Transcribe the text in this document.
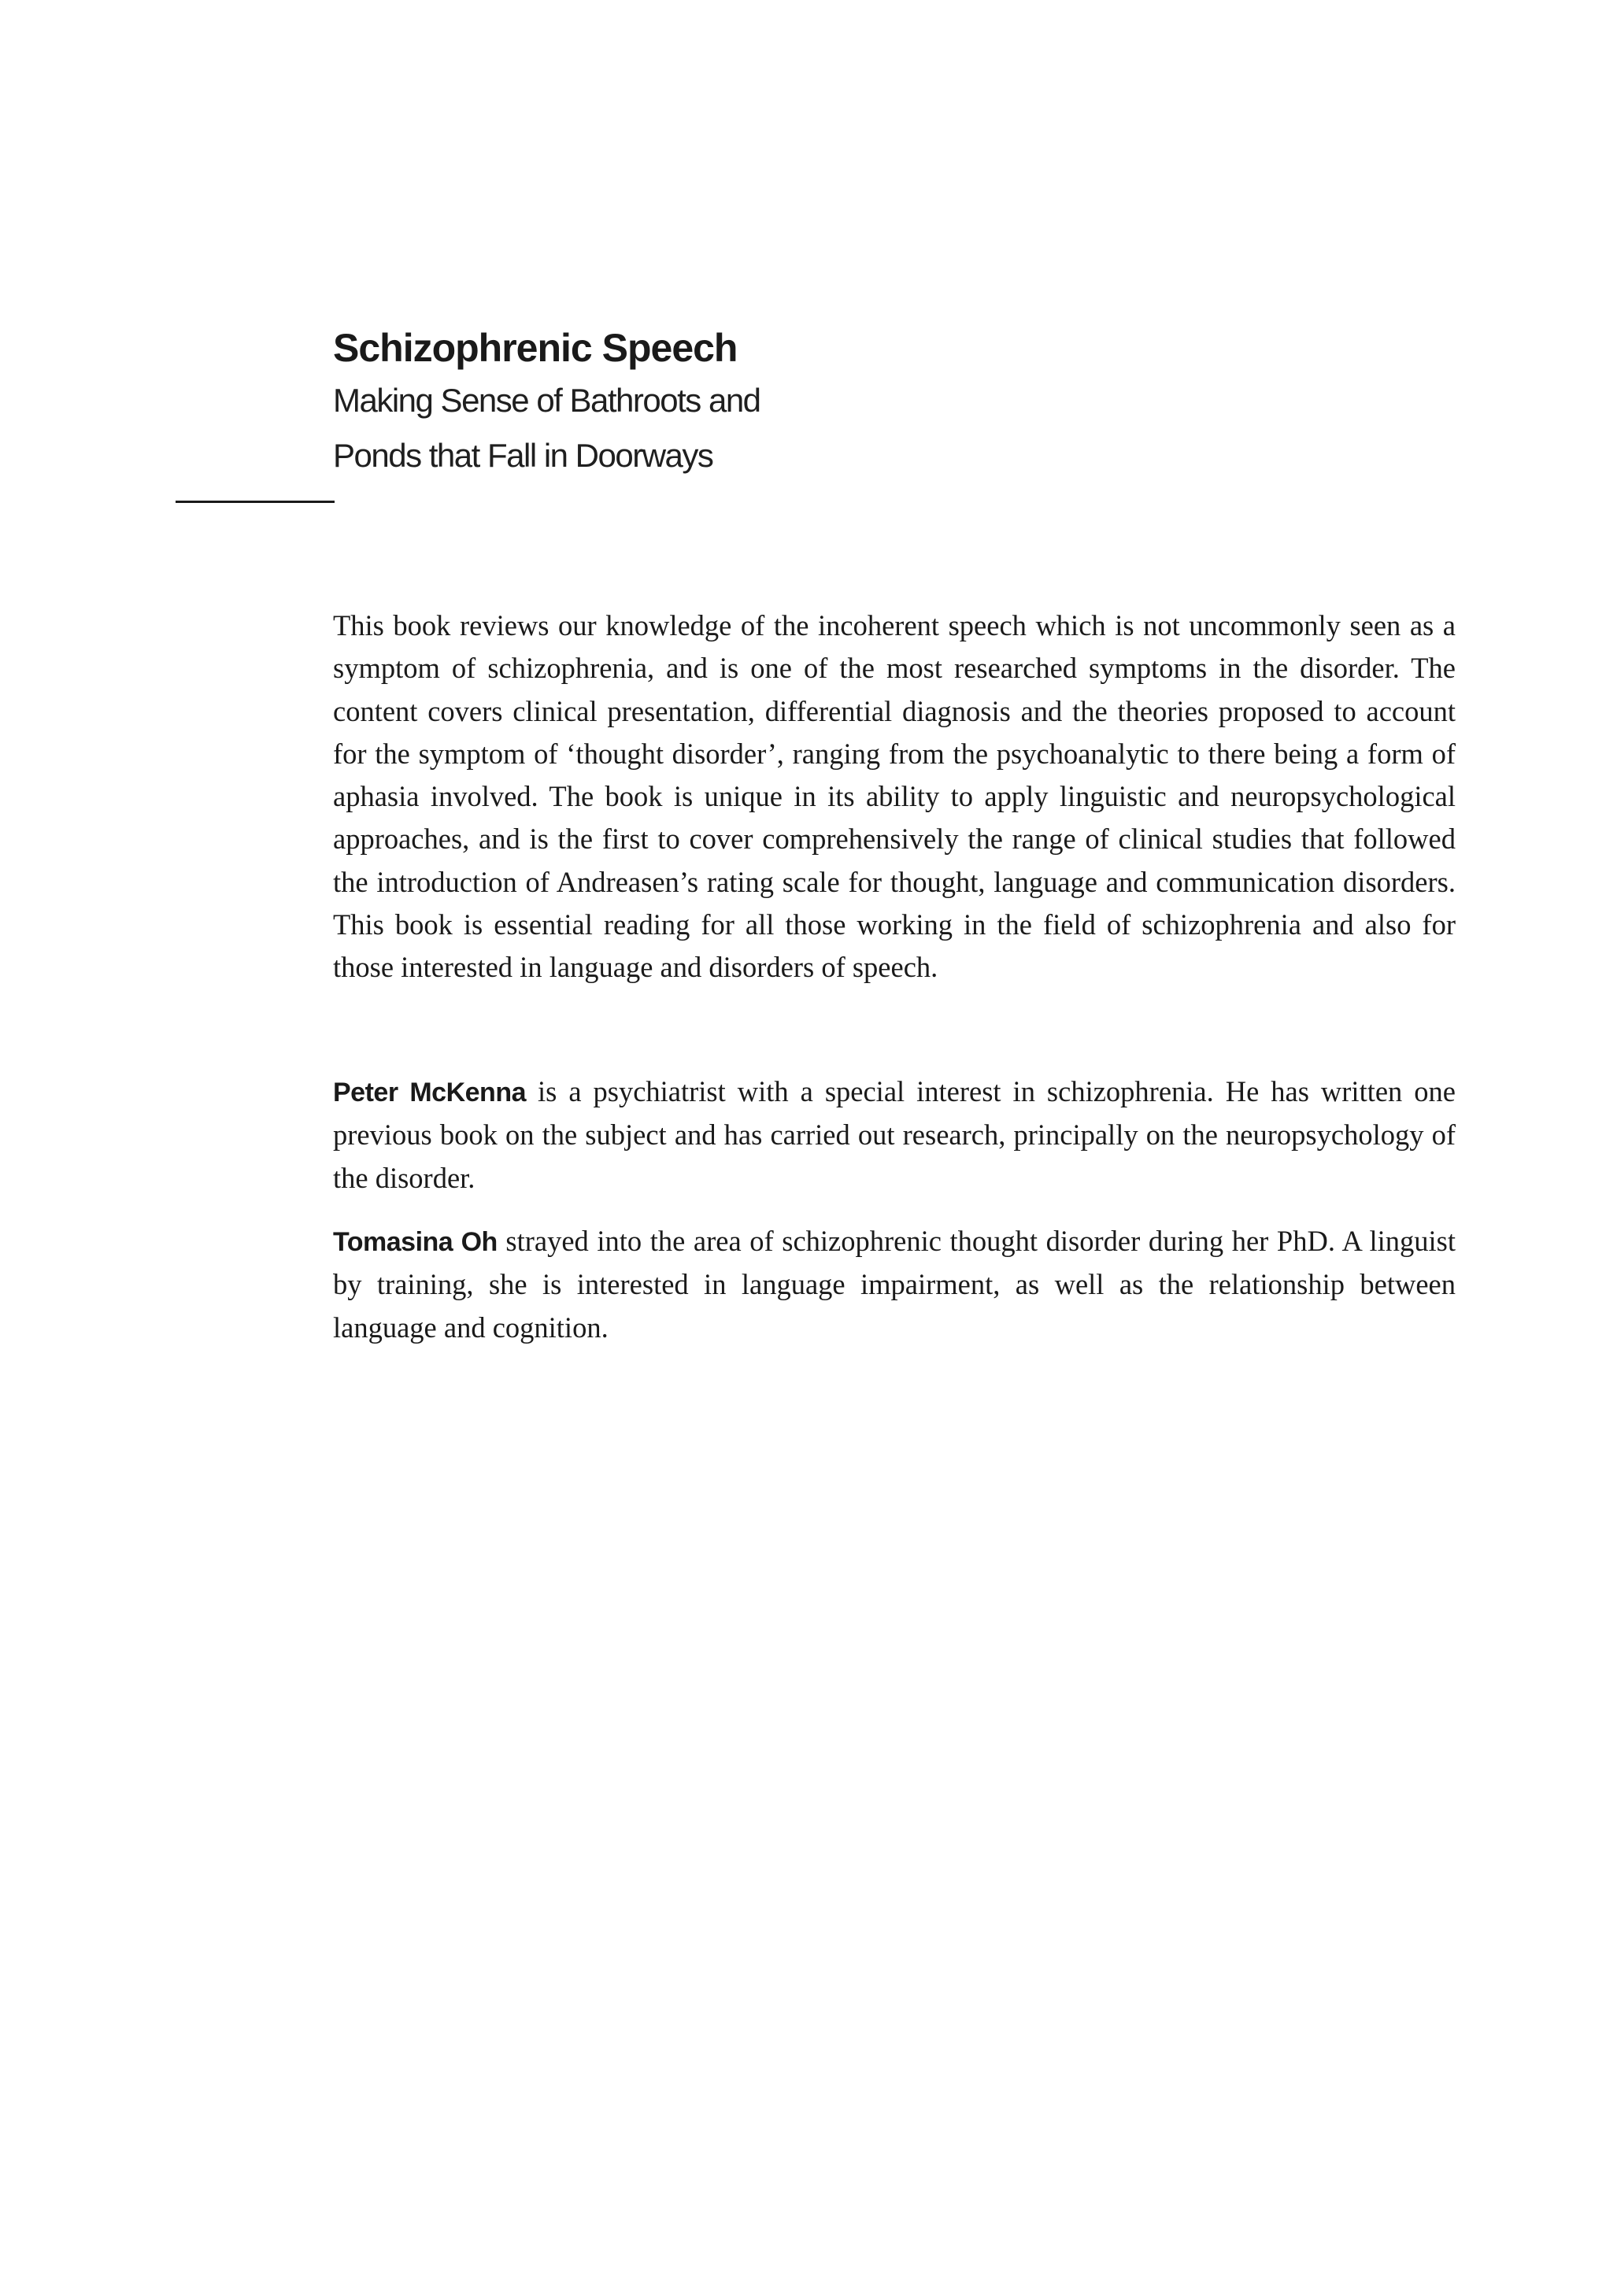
Schizophrenic Speech
Making Sense of Bathroots and
Ponds that Fall in Doorways

This book reviews our knowledge of the incoherent speech which is not uncommonly seen as a symptom of schizophrenia, and is one of the most researched symptoms in the disorder. The content covers clinical presentation, differential diagnosis and the theories proposed to account for the symptom of ‘thought disorder’, ranging from the psychoanalytic to there being a form of aphasia involved. The book is unique in its ability to apply linguistic and neuropsychological approaches, and is the first to cover comprehensively the range of clinical studies that followed the introduction of Andreasen’s rating scale for thought, language and communication disorders. This book is essential reading for all those working in the field of schizophrenia and also for those interested in language and disorders of speech.

Peter McKenna is a psychiatrist with a special interest in schizophrenia. He has written one previous book on the subject and has carried out research, principally on the neuropsychology of the disorder.

Tomasina Oh strayed into the area of schizophrenic thought disorder during her PhD. A linguist by training, she is interested in language impairment, as well as the relationship between language and cognition.
